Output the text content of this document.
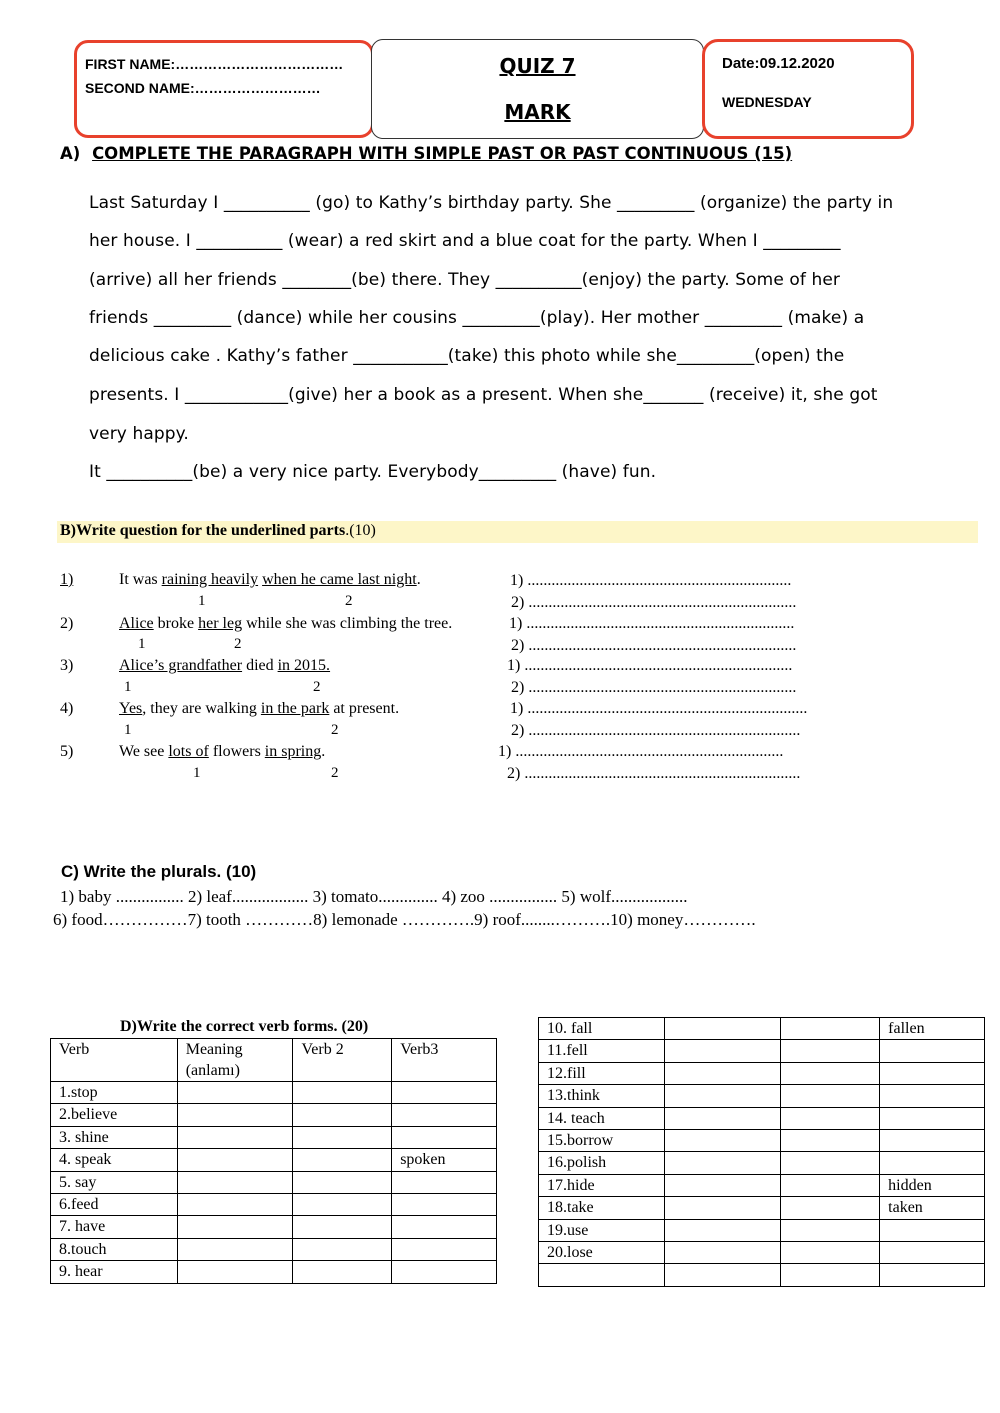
FIRST NAME:………………………………
SECOND NAME:………………………
QUIZ 7
MARK
Date:09.12.2020
WEDNESDAY
A) COMPLETE THE PARAGRAPH WITH SIMPLE PAST OR PAST CONTINUOUS (15)
Last Saturday I __________ (go) to Kathy’s birthday party. She _________ (organize) the party in
her house. I __________ (wear) a red skirt and a blue coat for the party. When I _________
(arrive) all her friends ________(be) there. They __________(enjoy) the party. Some of her
friends _________ (dance) while her cousins _________(play). Her mother _________ (make) a
delicious cake . Kathy’s father ___________(take) this photo while she_________(open) the
presents. I ____________(give) her a book as a present. When she_______ (receive) it, she got
very happy.
It __________(be) a very nice party. Everybody_________ (have) fun.
B)Write question for the underlined parts.(10)
1)	It was raining heavily when he came last night.
1	2
1) ..................................................................
2) ...................................................................
2)	Alice broke her leg while she was climbing the tree.
1	2
1) ...................................................................
2) ...................................................................
3)	Alice’s grandfather died in 2015.
1	2
1) ...................................................................
2) ...................................................................
4)	Yes, they are walking in the park at present.
1	2
1) ......................................................................
2) ....................................................................
5)	We see lots of flowers in spring.
1	2
1) ...................................................................
2) .....................................................................
C) Write the plurals. (10)
1) baby ................ 2) leaf.................. 3) tomato.............. 4) zoo ................ 5) wolf..................
6) food……………7) tooth …………8) lemonade ………….9) roof........……….10) money………….
D)Write the correct verb forms. (20)
Verb	Meaning (anlamı)	Verb 2	Verb3
1.stop			
2.believe			
3. shine			
4. speak			spoken
5. say			
6.feed			
7. have			
8.touch			
9. hear			
10. fall			fallen
11.fell			
12.fill			
13.think			
14. teach			
15.borrow			
16.polish			
17.hide			hidden
18.take			taken
19.use			
20.lose			
